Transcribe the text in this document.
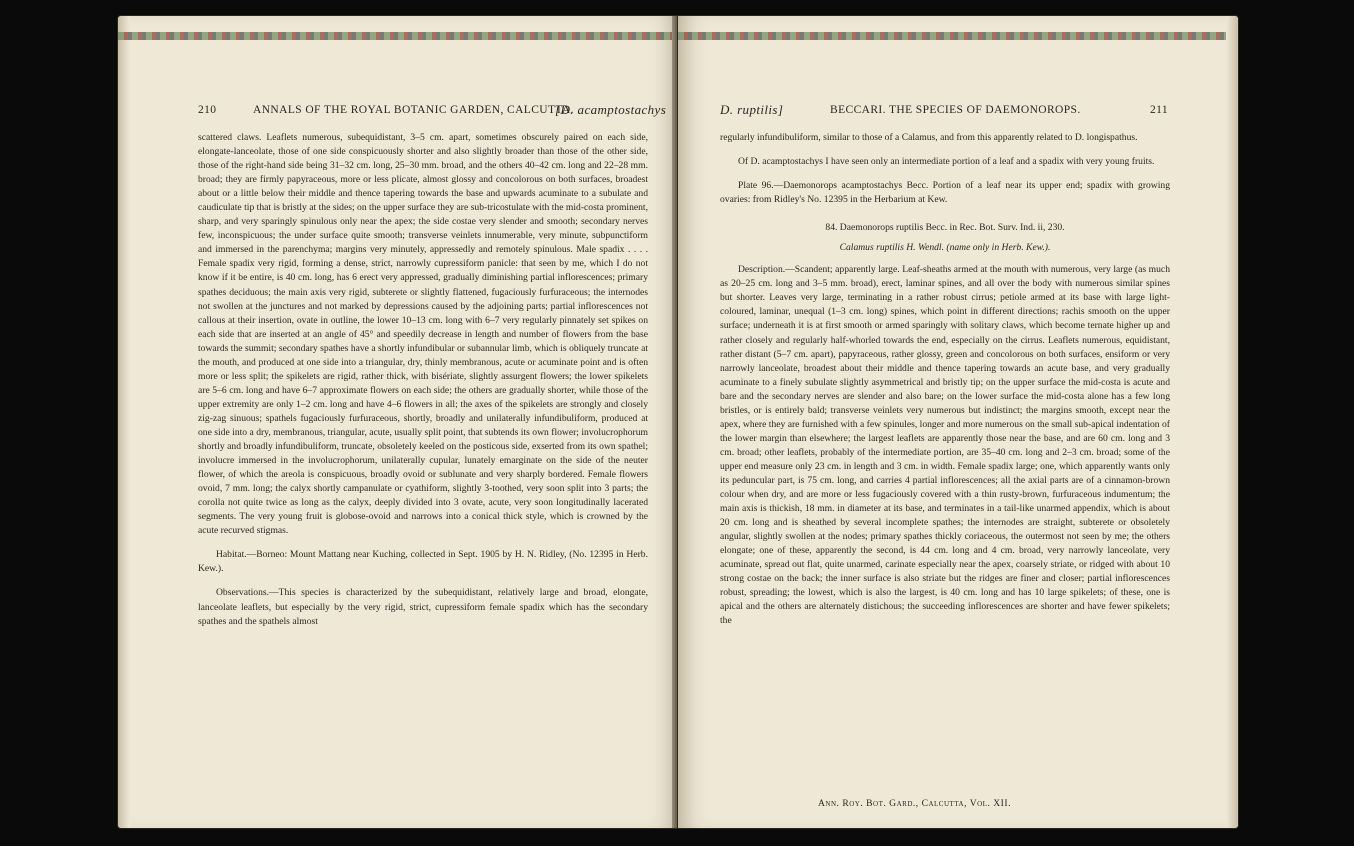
210	ANNALS OF THE ROYAL BOTANIC GARDEN, CALCUTTA.
[D. acamptostachys

scattered claws. Leaflets numerous, subequidistant, 3–5 cm. apart, sometimes obscurely paired on each side, elongate-lanceolate, those of one side conspicuously shorter and also slightly broader than those of the other side, those of the right-hand side being 31–32 cm. long, 25–30 mm. broad, and the others 40–42 cm. long and 22–28 mm. broad; they are firmly papyraceous, more or less plicate, almost glossy and concolorous on both surfaces, broadest about or a little below their middle and thence tapering towards the base and upwards acuminate to a subulate and caudiculate tip that is bristly at the sides; on the upper surface they are sub-tricostulate with the mid-costa prominent, sharp, and very sparingly spinulous only near the apex; the side costae very slender and smooth; secondary nerves few, inconspicuous; the under surface quite smooth; transverse veinlets innumerable, very minute, subpunctiform and immersed in the parenchyma; margins very minutely, appressedly and remotely spinulous. Male spadix . . . . Female spadix very rigid, forming a dense, strict, narrowly cupressiform panicle: that seen by me, which I do not know if it be entire, is 40 cm. long, has 6 erect very appressed, gradually diminishing partial inflorescences; primary spathes deciduous; the main axis very rigid, subterete or slightly flattened, fugaciously furfuraceous; the internodes not swollen at the junctures and not marked by depressions caused by the adjoining parts; partial inflorescences not callous at their insertion, ovate in outline, the lower 10–13 cm. long with 6–7 very regularly pinnately set spikes on each side that are inserted at an angle of 45° and speedily decrease in length and number of flowers from the base towards the summit; secondary spathes have a shortly infundibular or subannular limb, which is obliquely truncate at the mouth, and produced at one side into a triangular, dry, thinly membranous, acute or acuminate point and is often more or less split; the spikelets are rigid, rather thick, with bisériate, slightly assurgent flowers; the lower spikelets are 5–6 cm. long and have 6–7 approximate flowers on each side; the others are gradually shorter, while those of the upper extremity are only 1–2 cm. long and have 4–6 flowers in all; the axes of the spikelets are strongly and closely zig-zag sinuous; spathels fugaciously furfuraceous, shortly, broadly and unilaterally infundibuliform, produced at one side into a dry, membranous, triangular, acute, usually split point, that subtends its own flower; involucrophorum shortly and broadly infundibuliform, truncate, obsoletely keeled on the posticous side, exserted from its own spathel; involucre immersed in the involucrophorum, unilaterally cupular, lunately emarginate on the side of the neuter flower, of which the areola is conspicuous, broadly ovoid or sublunate and very sharply bordered. Female flowers ovoid, 7 mm. long; the calyx shortly campanulate or cyathiform, slightly 3-toothed, very soon split into 3 parts; the corolla not quite twice as long as the calyx, deeply divided into 3 ovate, acute, very soon longitudinally lacerated segments. The very young fruit is globose-ovoid and narrows into a conical thick style, which is crowned by the acute recurved stigmas.

Habitat.—Borneo: Mount Mattang near Kuching, collected in Sept. 1905 by H. N. Ridley, (No. 12395 in Herb. Kew.).

Observations.—This species is characterized by the subequidistant, relatively large and broad, elongate, lanceolate leaflets, but especially by the very rigid, strict, cupressiform female spadix which has the secondary spathes and the spathels almost

D. ruptilis]	BECCARI. THE SPECIES OF DAEMONOROPS.	211

regularly infundibuliform, similar to those of a Calamus, and from this apparently related to D. longispathus.

Of D. acamptostachys I have seen only an intermediate portion of a leaf and a spadix with very young fruits.

Plate 96.—Daemonorops acamptostachys Becc. Portion of a leaf near its upper end; spadix with growing ovaries: from Ridley's No. 12395 in the Herbarium at Kew.

84. Daemonorops ruptilis Becc. in Rec. Bot. Surv. Ind. ii, 230.

Calamus ruptilis H. Wendl. (name only in Herb. Kew.).

Description.—Scandent; apparently large. Leaf-sheaths armed at the mouth with numerous, very large (as much as 20–25 cm. long and 3–5 mm. broad), erect, laminar spines, and all over the body with numerous similar spines but shorter. Leaves very large, terminating in a rather robust cirrus; petiole armed at its base with large light-coloured, laminar, unequal (1–3 cm. long) spines, which point in different directions; rachis smooth on the upper surface; underneath it is at first smooth or armed sparingly with solitary claws, which become ternate higher up and rather closely and regularly half-whorled towards the end, especially on the cirrus. Leaflets numerous, equidistant, rather distant (5–7 cm. apart), papyraceous, rather glossy, green and concolorous on both surfaces, ensiform or very narrowly lanceolate, broadest about their middle and thence tapering towards an acute base, and very gradually acuminate to a finely subulate slightly asymmetrical and bristly tip; on the upper surface the mid-costa is acute and bare and the secondary nerves are slender and also bare; on the lower surface the mid-costa alone has a few long bristles, or is entirely bald; transverse veinlets very numerous but indistinct; the margins smooth, except near the apex, where they are furnished with a few spinules, longer and more numerous on the small sub-apical indentation of the lower margin than elsewhere; the largest leaflets are apparently those near the base, and are 60 cm. long and 3 cm. broad; other leaflets, probably of the intermediate portion, are 35–40 cm. long and 2–3 cm. broad; some of the upper end measure only 23 cm. in length and 3 cm. in width. Female spadix large; one, which apparently wants only its peduncular part, is 75 cm. long, and carries 4 partial inflorescences; all the axial parts are of a cinnamon-brown colour when dry, and are more or less fugaciously covered with a thin rusty-brown, furfuraceous indumentum; the main axis is thickish, 18 mm. in diameter at its base, and terminates in a tail-like unarmed appendix, which is about 20 cm. long and is sheathed by several incomplete spathes; the internodes are straight, subterete or obsoletely angular, slightly swollen at the nodes; primary spathes thickly coriaceous, the outermost not seen by me; the others elongate; one of these, apparently the second, is 44 cm. long and 4 cm. broad, very narrowly lanceolate, very acuminate, spread out flat, quite unarmed, carinate especially near the apex, coarsely striate, or ridged with about 10 strong costae on the back; the inner surface is also striate but the ridges are finer and closer; partial inflorescences robust, spreading; the lowest, which is also the largest, is 40 cm. long and has 10 large spikelets; of these, one is apical and the others are alternately distichous; the succeeding inflorescences are shorter and have fewer spikelets; the

Ann. Roy. Bot. Gard., Calcutta, Vol. XII.
